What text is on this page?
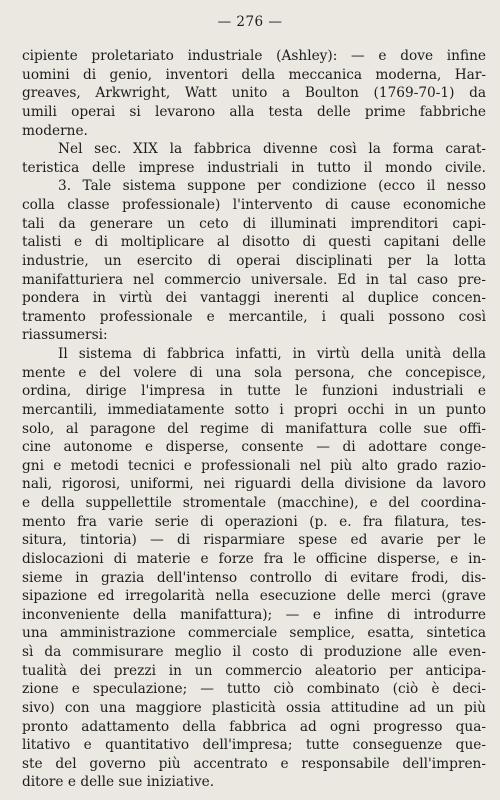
— 276 —
cipiente proletariato industriale (Ashley): — e dove infine
uomini di genio, inventori della meccanica moderna, Har-
greaves, Arkwright, Watt unito a Boulton (1769-70-1) da
umili operai si levarono alla testa delle prime fabbriche
moderne.
Nel sec. XIX la fabbrica divenne così la forma carat-
teristica delle imprese industriali in tutto il mondo civile.
3. Tale sistema suppone per condizione (ecco il nesso
colla classe professionale) l'intervento di cause economiche
tali da generare un ceto di illuminati imprenditori capi-
talisti e di moltiplicare al disotto di questi capitani delle
industrie, un esercito di operai disciplinati per la lotta
manifatturiera nel commercio universale. Ed in tal caso pre-
pondera in virtù dei vantaggi inerenti al duplice concen-
tramento professionale e mercantile, i quali possono così
riassumersi:
Il sistema di fabbrica infatti, in virtù della unità della
mente e del volere di una sola persona, che concepisce,
ordina, dirige l'impresa in tutte le funzioni industriali e
mercantili, immediatamente sotto i propri occhi in un punto
solo, al paragone del regime di manifattura colle sue offi-
cine autonome e disperse, consente — di adottare conge-
gni e metodi tecnici e professionali nel più alto grado razio-
nali, rigorosi, uniformi, nei riguardi della divisione da lavoro
e della suppellettile stromentale (macchine), e del coordina-
mento fra varie serie di operazioni (p. e. fra filatura, tes-
situra, tintoria) — di risparmiare spese ed avarie per le
dislocazioni di materie e forze fra le officine disperse, e in-
sieme in grazia dell'intenso controllo di evitare frodi, dis-
sipazione ed irregolarità nella esecuzione delle merci (grave
inconveniente della manifattura); — e infine di introdurre
una amministrazione commerciale semplice, esatta, sintetica
sì da commisurare meglio il costo di produzione alle even-
tualità dei prezzi in un commercio aleatorio per anticipa-
zione e speculazione; — tutto ciò combinato (ciò è deci-
sivo) con una maggiore plasticità ossia attitudine ad un più
pronto adattamento della fabbrica ad ogni progresso qua-
litativo e quantitativo dell'impresa; tutte conseguenze que-
ste del governo più accentrato e responsabile dell'impren-
ditore e delle sue iniziative.
